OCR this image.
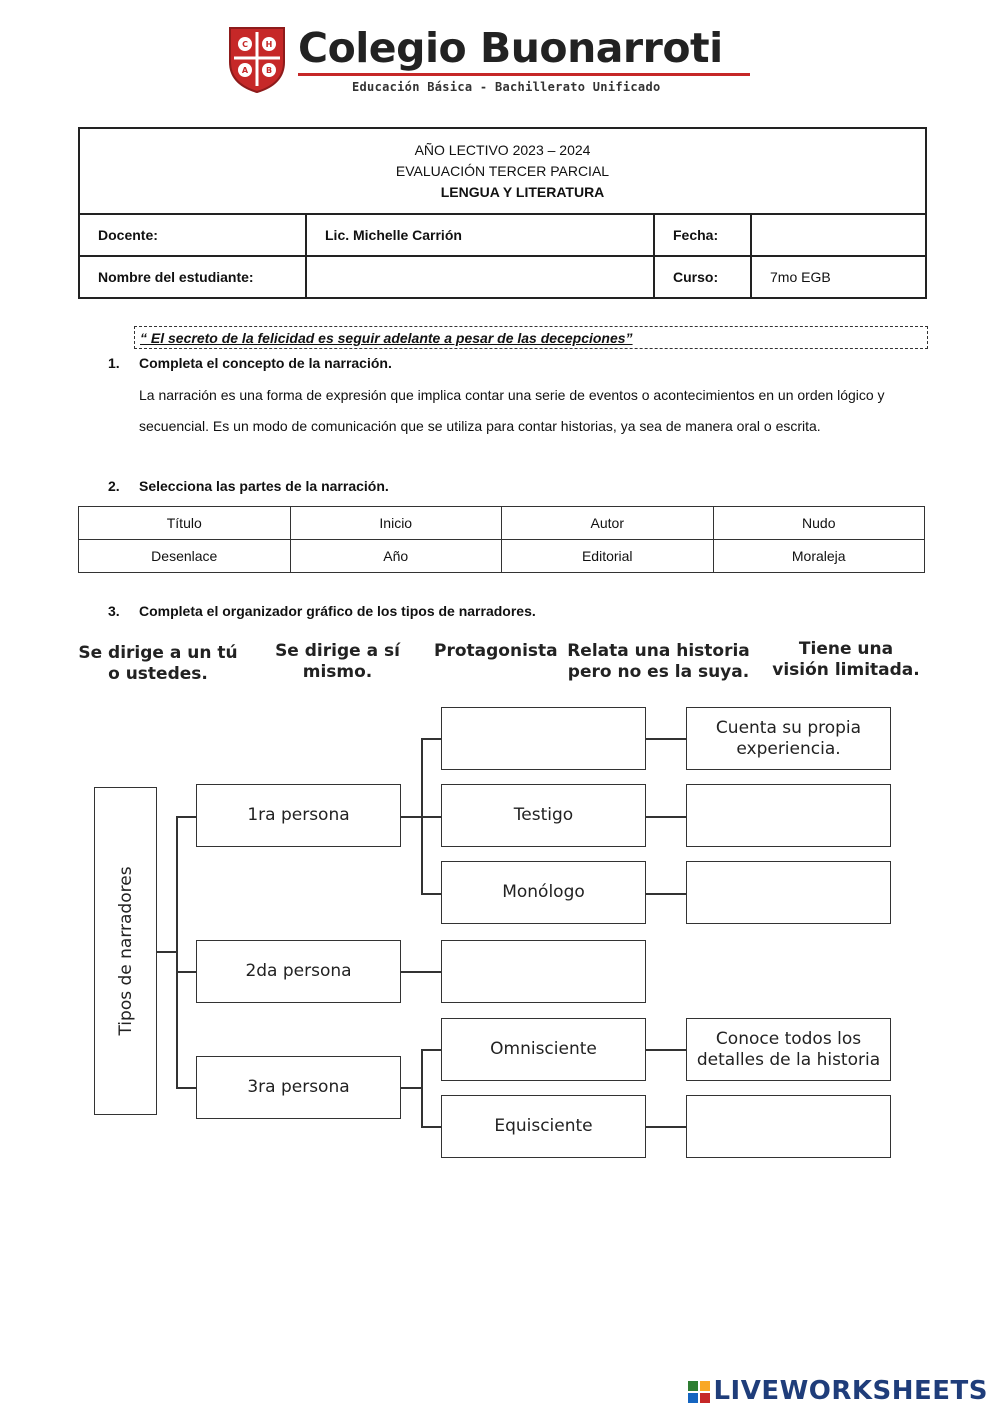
C H
A B Colegio Buonarroti
Educación Básica - Bachillerato Unificado
AÑO LECTIVO 2023 – 2024
EVALUACIÓN TERCER PARCIAL
LENGUA Y LITERATURA			

Docente:	Lic. Michelle Carrión	Fecha:	
Nombre del estudiante:		Curso:	7mo EGB
“ El secreto de la felicidad es seguir adelante a pesar de las decepciones”
1. Completa el concepto de la narración.
La narración es una forma de expresión que implica contar una serie de eventos o acontecimientos en un orden lógico y secuencial. Es un modo de comunicación que se utiliza para contar historias, ya sea de manera oral o escrita.
2. Selecciona las partes de la narración.
Título	Inicio	Autor	Nudo
Desenlace	Año	Editorial	Moraleja
3. Completa el organizador gráfico de los tipos de narradores.
Se dirige a un tú o ustedes.
Se dirige a sí mismo.
Protagonista Relata una historia pero no es la suya.
Tiene una visión limitada.
Tipos de narradores
1ra persona
2da persona
3ra persona
Testigo
Monólogo
Omnisciente
Equisciente
Cuenta su propia experiencia.
Conoce todos los detalles de la historia
LIVEWORKSHEETS
